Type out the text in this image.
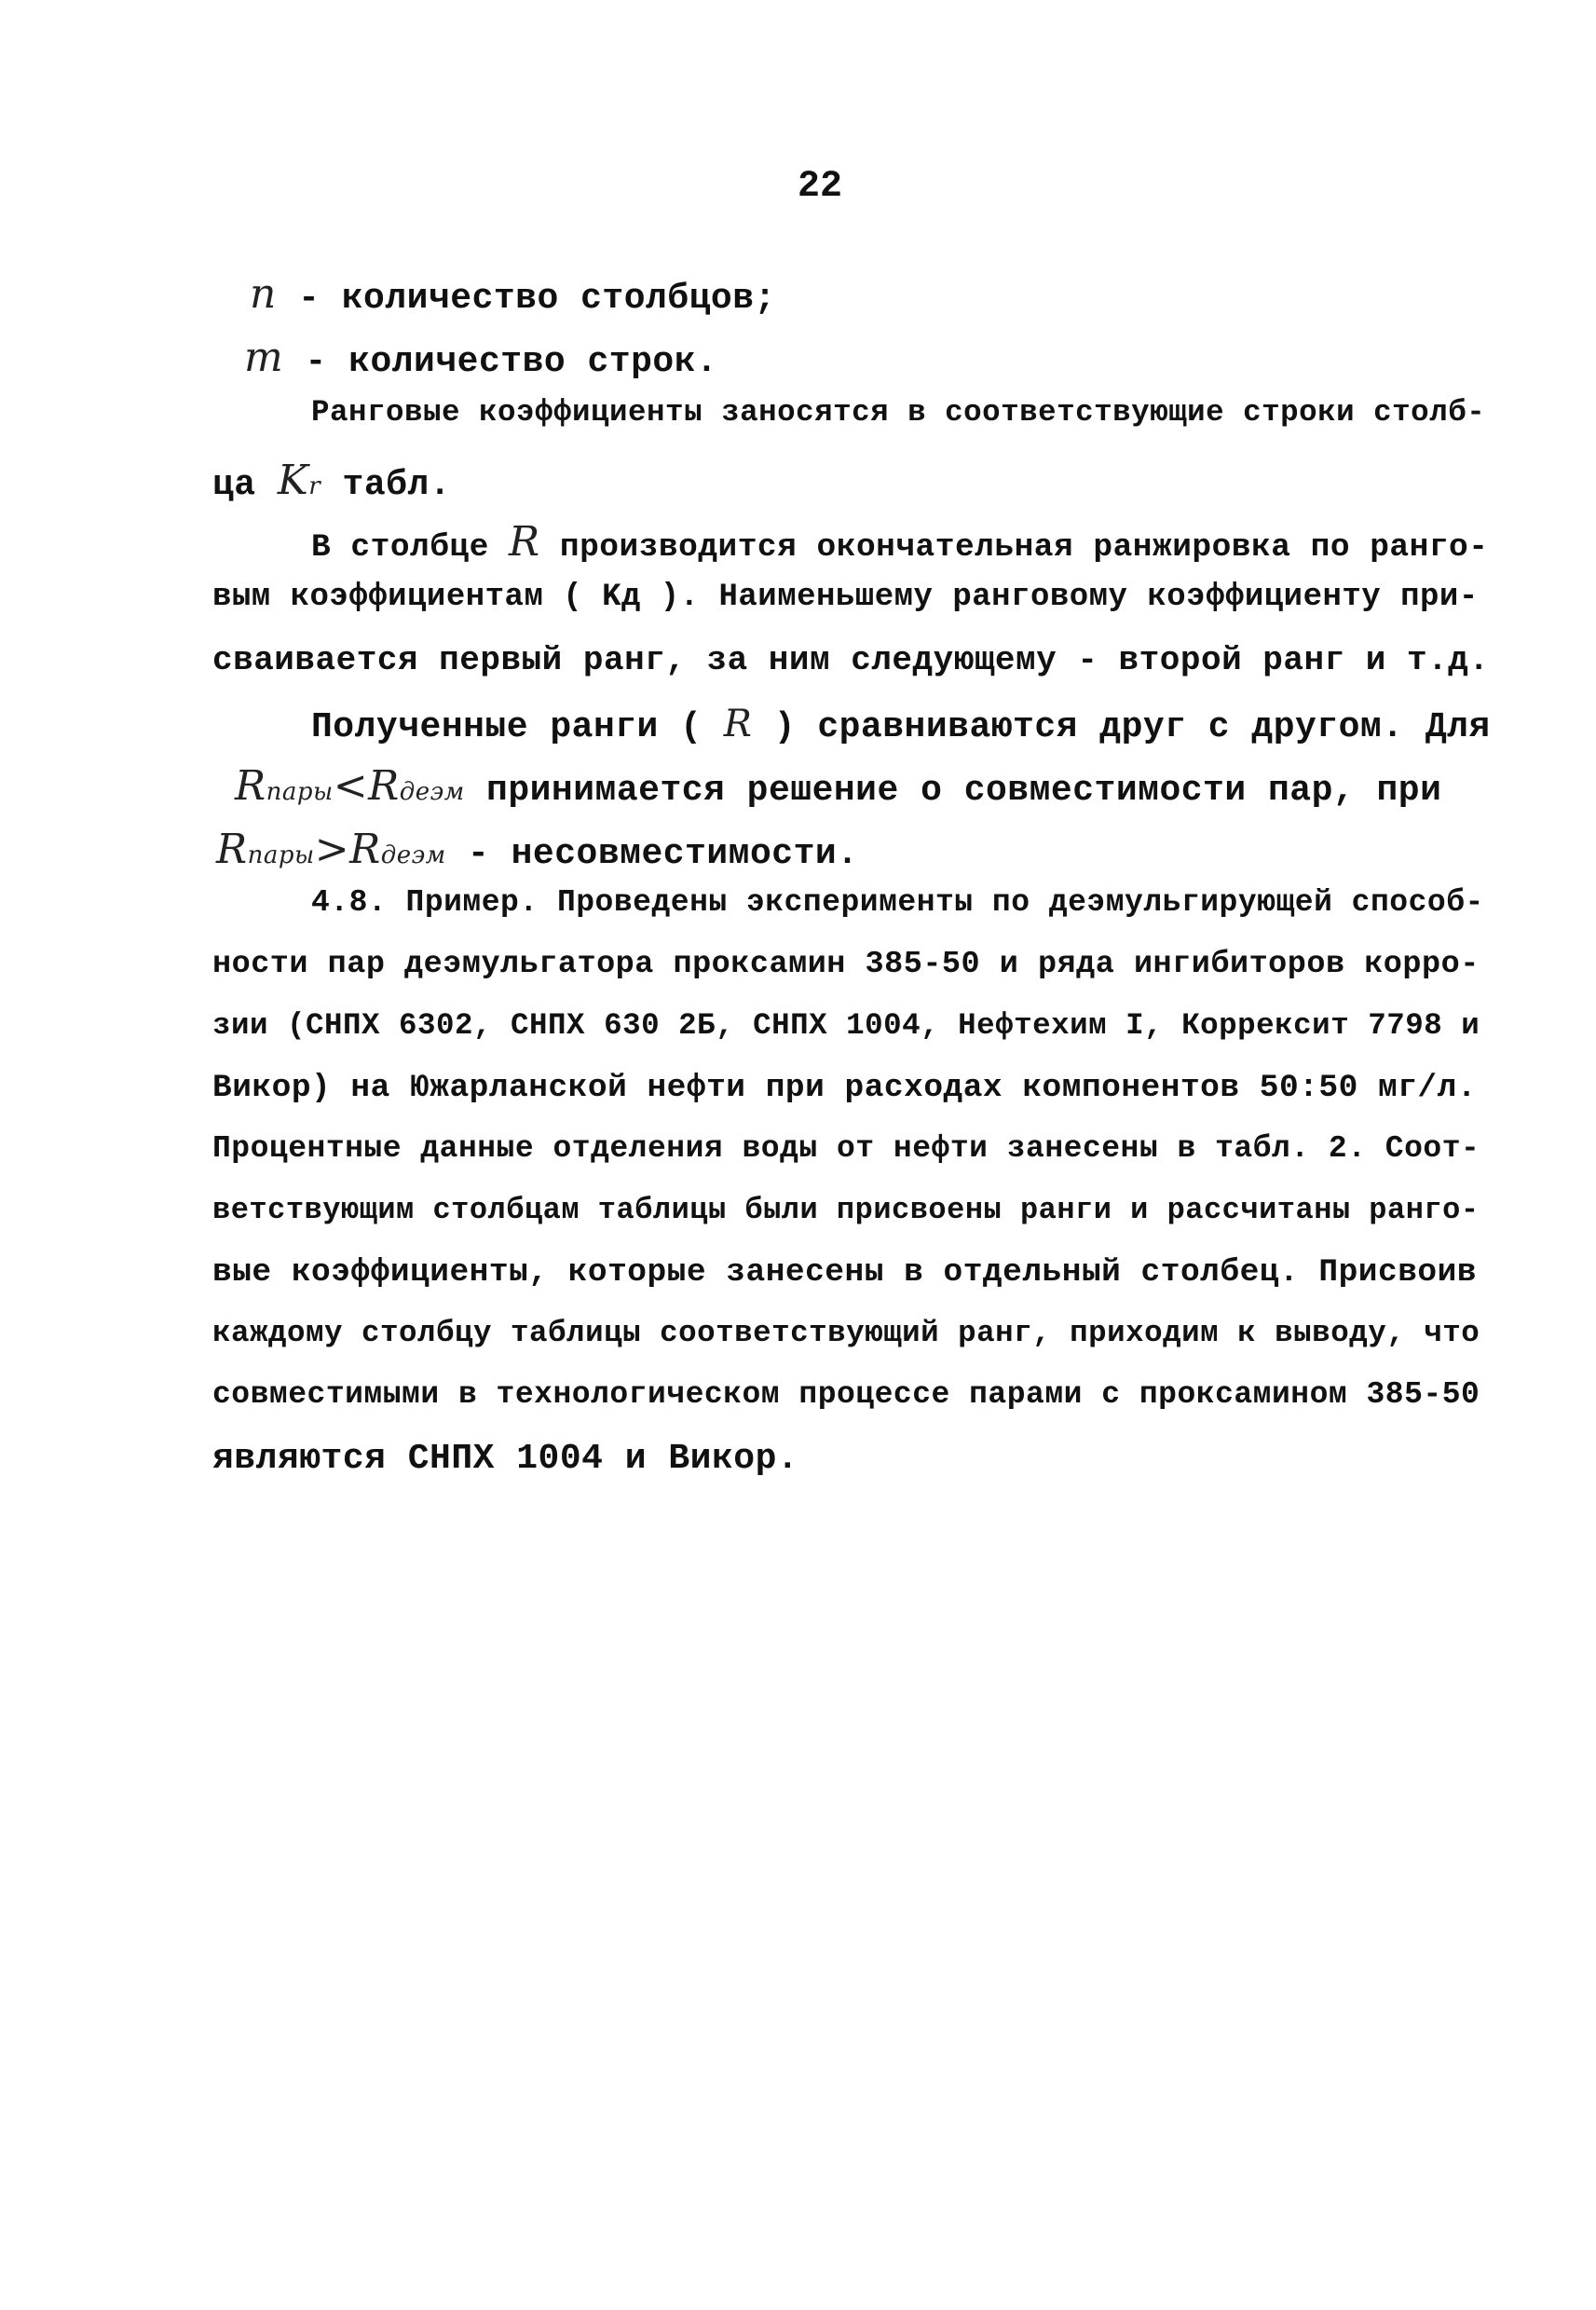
22
n - количество столбцов;
m - количество строк.
Ранговые коэффициенты заносятся в соответствующие строки столб-
ца Kr табл.
В столбце R производится окончательная ранжировка по ранго-
вым коэффициентам ( Kд ). Наименьшему ранговому коэффициенту при-
сваивается первый ранг, за ним следующему - второй ранг и т.д.
Полученные ранги ( R ) сравниваются друг с другом. Для
Rпары<Rдеэм принимается решение о совместимости пар, при
Rпары>Rдеэм - несовместимости.
4.8. Пример. Проведены эксперименты по деэмульгирующей способ-
ности пар деэмульгатора проксамин 385-50 и ряда ингибиторов корро-
зии (СНПХ 6302, СНПХ 630 2Б, СНПХ 1004, Нефтехим I, Коррексит 7798 и
Викор) на Южарланской нефти при расходах компонентов 50:50 мг/л.
Процентные данные отделения воды от нефти занесены в табл. 2. Соот-
ветствующим столбцам таблицы были присвоены ранги и рассчитаны ранго-
вые коэффициенты, которые занесены в отдельный столбец. Присвоив
каждому столбцу таблицы соответствующий ранг, приходим к выводу, что
совместимыми в технологическом процессе парами с проксамином 385-50
являются СНПХ 1004 и Викор.
